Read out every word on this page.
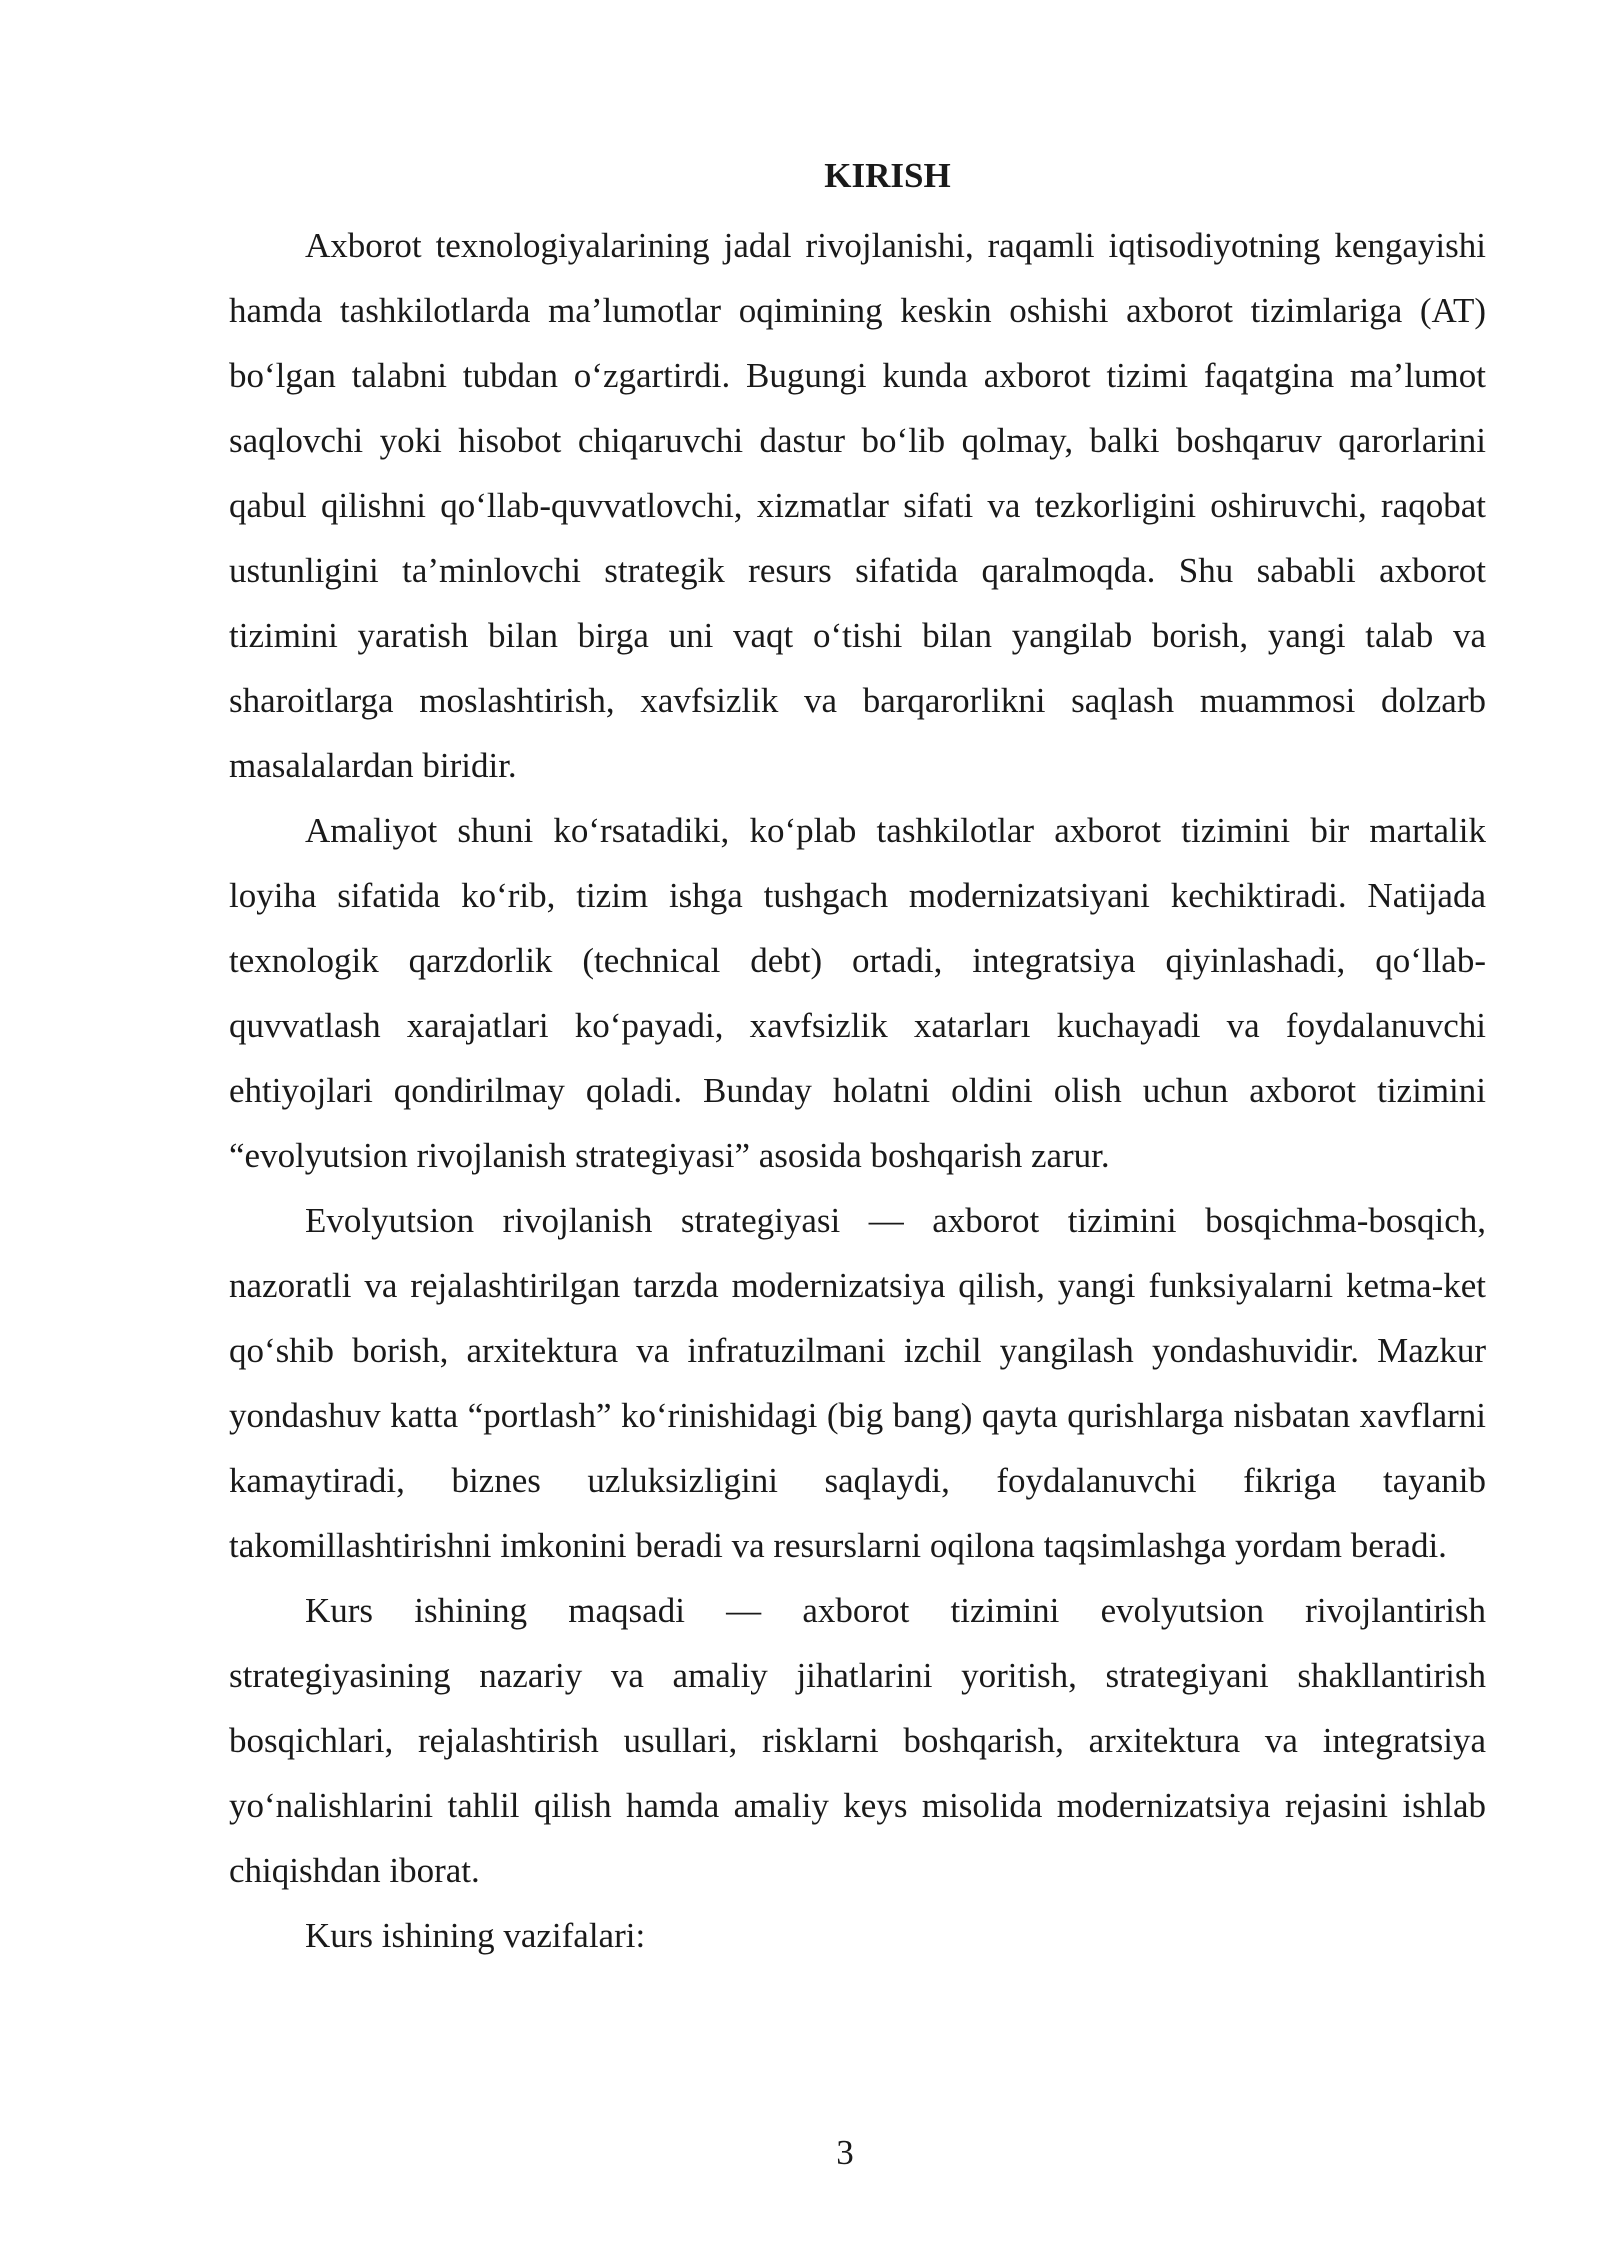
KIRISH

Axborot texnologiyalarining jadal rivojlanishi, raqamli iqtisodiyotning kengayishi hamda tashkilotlarda ma’lumotlar oqimining keskin oshishi axborot tizimlariga (AT) bo‘lgan talabni tubdan o‘zgartirdi. Bugungi kunda axborot tizimi faqatgina ma’lumot saqlovchi yoki hisobot chiqaruvchi dastur bo‘lib qolmay, balki boshqaruv qarorlarini qabul qilishni qo‘llab-quvvatlovchi, xizmatlar sifati va tezkorligini oshiruvchi, raqobat ustunligini ta’minlovchi strategik resurs sifatida qaralmoqda. Shu sababli axborot tizimini yaratish bilan birga uni vaqt o‘tishi bilan yangilab borish, yangi talab va sharoitlarga moslashtirish, xavfsizlik va barqarorlikni saqlash muammosi dolzarb masalalardan biridir.

Amaliyot shuni ko‘rsatadiki, ko‘plab tashkilotlar axborot tizimini bir martalik loyiha sifatida ko‘rib, tizim ishga tushgach modernizatsiyani kechiktiradi. Natijada texnologik qarzdorlik (technical debt) ortadi, integratsiya qiyinlashadi, qo‘llab-quvvatlash xarajatlari ko‘payadi, xavfsizlik xatarları kuchayadi va foydalanuvchi ehtiyojlari qondirilmay qoladi. Bunday holatni oldini olish uchun axborot tizimini “evolyutsion rivojlanish strategiyasi” asosida boshqarish zarur.

Evolyutsion rivojlanish strategiyasi — axborot tizimini bosqichma-bosqich, nazoratli va rejalashtirilgan tarzda modernizatsiya qilish, yangi funksiyalarni ketma-ket qo‘shib borish, arxitektura va infratuzilmani izchil yangilash yondashuvidir. Mazkur yondashuv katta “portlash” ko‘rinishidagi (big bang) qayta qurishlarga nisbatan xavflarni kamaytiradi, biznes uzluksizligini saqlaydi, foydalanuvchi fikriga tayanib takomillashtirishni imkonini beradi va resurslarni oqilona taqsimlashga yordam beradi.

Kurs ishining maqsadi — axborot tizimini evolyutsion rivojlantirish strategiyasining nazariy va amaliy jihatlarini yoritish, strategiyani shakllantirish bosqichlari, rejalashtirish usullari, risklarni boshqarish, arxitektura va integratsiya yo‘nalishlarini tahlil qilish hamda amaliy keys misolida modernizatsiya rejasini ishlab chiqishdan iborat.

Kurs ishining vazifalari:

3
